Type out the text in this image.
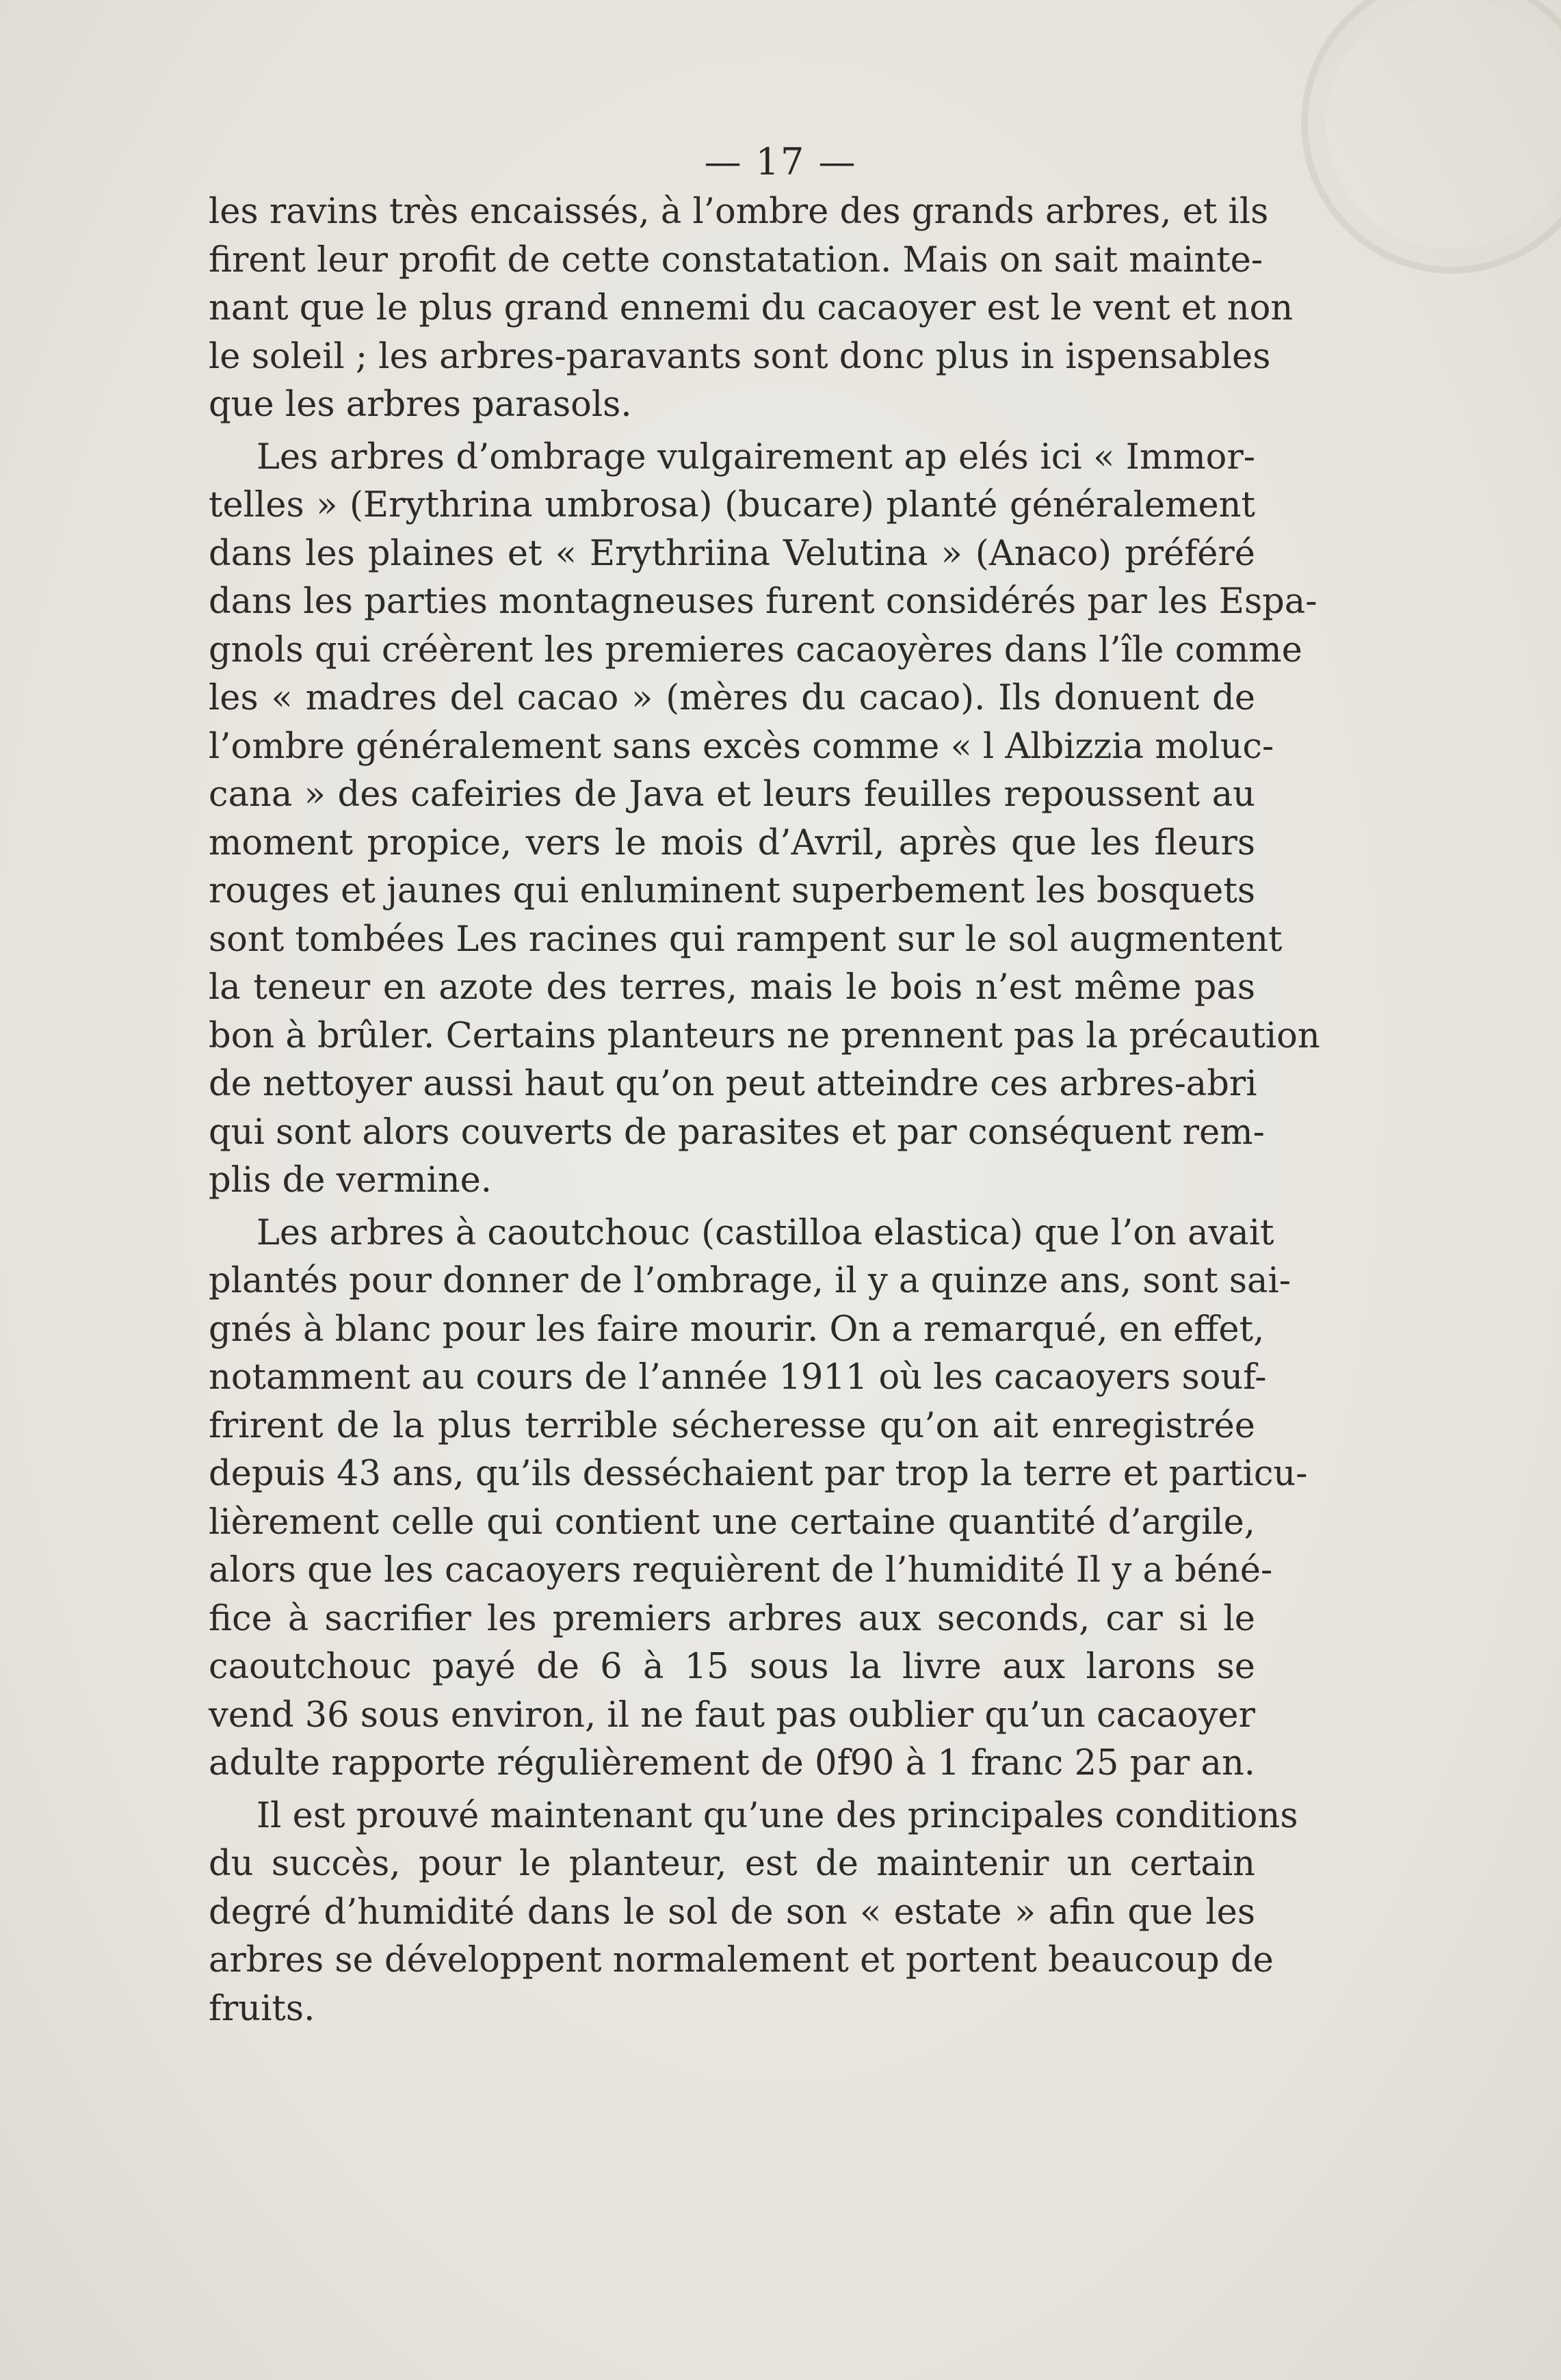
— 17 —

les ravins très encaissés, à l’ombre des grands arbres, et ils
firent leur profit de cette constatation. Mais on sait mainte-
nant que le plus grand ennemi du cacaoyer est le vent et non
le soleil ; les arbres-paravants sont donc plus in ispensables
que les arbres parasols.

Les arbres d’ombrage vulgairement ap elés ici « Immor-
telles » (Erythrina umbrosa) (bucare) planté généralement
dans les plaines et « Erythriina Velutina » (Anaco) préféré
dans les parties montagneuses furent considérés par les Espa-
gnols qui créèrent les premieres cacaoyères dans l’île comme
les « madres del cacao » (mères du cacao). Ils donuent de
l’ombre généralement sans excès comme « l Albizzia moluc-
cana » des cafeiries de Java et leurs feuilles repoussent au
moment propice, vers le mois d’Avril, après que les fleurs
rouges et jaunes qui enluminent superbement les bosquets
sont tombées Les racines qui rampent sur le sol augmentent
la teneur en azote des terres, mais le bois n’est même pas
bon à brûler. Certains planteurs ne prennent pas la précaution
de nettoyer aussi haut qu’on peut atteindre ces arbres-abri
qui sont alors couverts de parasites et par conséquent rem-
plis de vermine.

Les arbres à caoutchouc (castilloa elastica) que l’on avait
plantés pour donner de l’ombrage, il y a quinze ans, sont sai-
gnés à blanc pour les faire mourir. On a remarqué, en effet,
notamment au cours de l’année 1911 où les cacaoyers souf-
frirent de la plus terrible sécheresse qu’on ait enregistrée
depuis 43 ans, qu’ils desséchaient par trop la terre et particu-
lièrement celle qui contient une certaine quantité d’argile,
alors que les cacaoyers requièrent de l’humidité Il y a béné-
fice à sacrifier les premiers arbres aux seconds, car si le
caoutchouc payé de 6 à 15 sous la livre aux larons se
vend 36 sous environ, il ne faut pas oublier qu’un cacaoyer
adulte rapporte régulièrement de 0f90 à 1 franc 25 par an.

Il est prouvé maintenant qu’une des principales conditions
du succès, pour le planteur, est de maintenir un certain
degré d’humidité dans le sol de son « estate » afin que les
arbres se développent normalement et portent beaucoup de
fruits.
